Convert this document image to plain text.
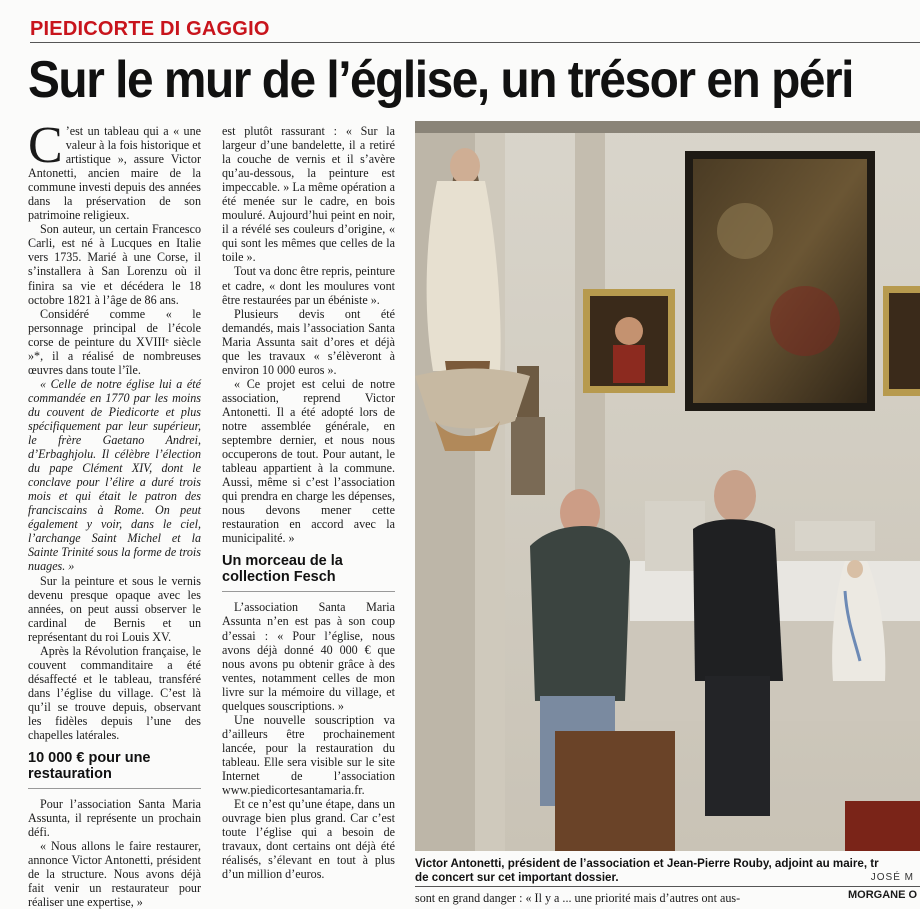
PIEDICORTE DI GAGGIO
Sur le mur de l’église, un trésor en péri

C ’est un tableau qui a « une valeur à la fois historique et artistique », assure Victor Antonetti, ancien maire de la commune investi depuis des années dans la préservation de son patrimoine religieux.

Son auteur, un certain Francesco Carli, est né à Lucques en Italie vers 1735. Marié à une Corse, il s’installera à San Lorenzu où il finira sa vie et décédera le 18 octobre 1821 à l’âge de 86 ans.

Considéré comme « le personnage principal de l’école corse de peinture du XVIIIᵉ siècle »*, il a réalisé de nombreuses œuvres dans toute l’île.

« Celle de notre église lui a été commandée en 1770 par les moins du couvent de Piedicorte et plus spécifiquement par leur supérieur, le frère Gaetano Andrei, d’Erbaghjolu. Il célèbre l’élection du pape Clément XIV, dont le conclave pour l’élire a duré trois mois et qui était le patron des franciscains à Rome. On peut également y voir, dans le ciel, l’archange Saint Michel et la Sainte Trinité sous la forme de trois nuages. »

Sur la peinture et sous le vernis devenu presque opaque avec les années, on peut aussi observer le cardinal de Bernis et un représentant du roi Louis XV.

Après la Révolution française, le couvent commanditaire a été désaffecté et le tableau, transféré dans l’église du village. C’est là qu’il se trouve depuis, observant les fidèles depuis l’une des chapelles latérales.

10 000 € pour une restauration

Pour l’association Santa Maria Assunta, il représente un prochain défi.

« Nous allons le faire restaurer, annonce Victor Antonetti, président de la structure. Nous avons déjà fait venir un restaurateur pour réaliser une expertise, »

est plutôt rassurant : « Sur la largeur d’une bandelette, il a retiré la couche de vernis et il s’avère qu’au-dessous, la peinture est impeccable. » La même opération a été menée sur le cadre, en bois mouluré. Aujourd’hui peint en noir, il a révélé ses couleurs d’origine, « qui sont les mêmes que celles de la toile ».

Tout va donc être repris, peinture et cadre, « dont les moulures vont être restaurées par un ébéniste ».

Plusieurs devis ont été demandés, mais l’association Santa Maria Assunta sait d’ores et déjà que les travaux « s’élèveront à environ 10 000 euros ».

« Ce projet est celui de notre association, reprend Victor Antonetti. Il a été adopté lors de notre assemblée générale, en septembre dernier, et nous nous occuperons de tout. Pour autant, le tableau appartient à la commune. Aussi, même si c’est l’association qui prendra en charge les dépenses, nous devons mener cette restauration en accord avec la municipalité. »

Un morceau de la collection Fesch

L’association Santa Maria Assunta n’en est pas à son coup d’essai : « Pour l’église, nous avons déjà donné 40 000 € que nous avons pu obtenir grâce à des ventes, notamment celles de mon livre sur la mémoire du village, et quelques souscriptions. »

Une nouvelle souscription va d’ailleurs être prochainement lancée, pour la restauration du tableau. Elle sera visible sur le site Internet de l’association www.piedicortesantamaria.fr.

Et ce n’est qu’une étape, dans un ouvrage bien plus grand. Car c’est toute l’église qui a besoin de travaux, dont certains ont déjà été réalisés, s’élevant en tout à plus d’un million d’euros.

Victor Antonetti, président de l’association et Jean-Pierre Rouby, adjoint au maire, tr
de concert sur cet important dossier.	JOSÉ M
sont en grand danger : « Il y a ... une priorité mais d’autres ont aus-	MORGANE O
